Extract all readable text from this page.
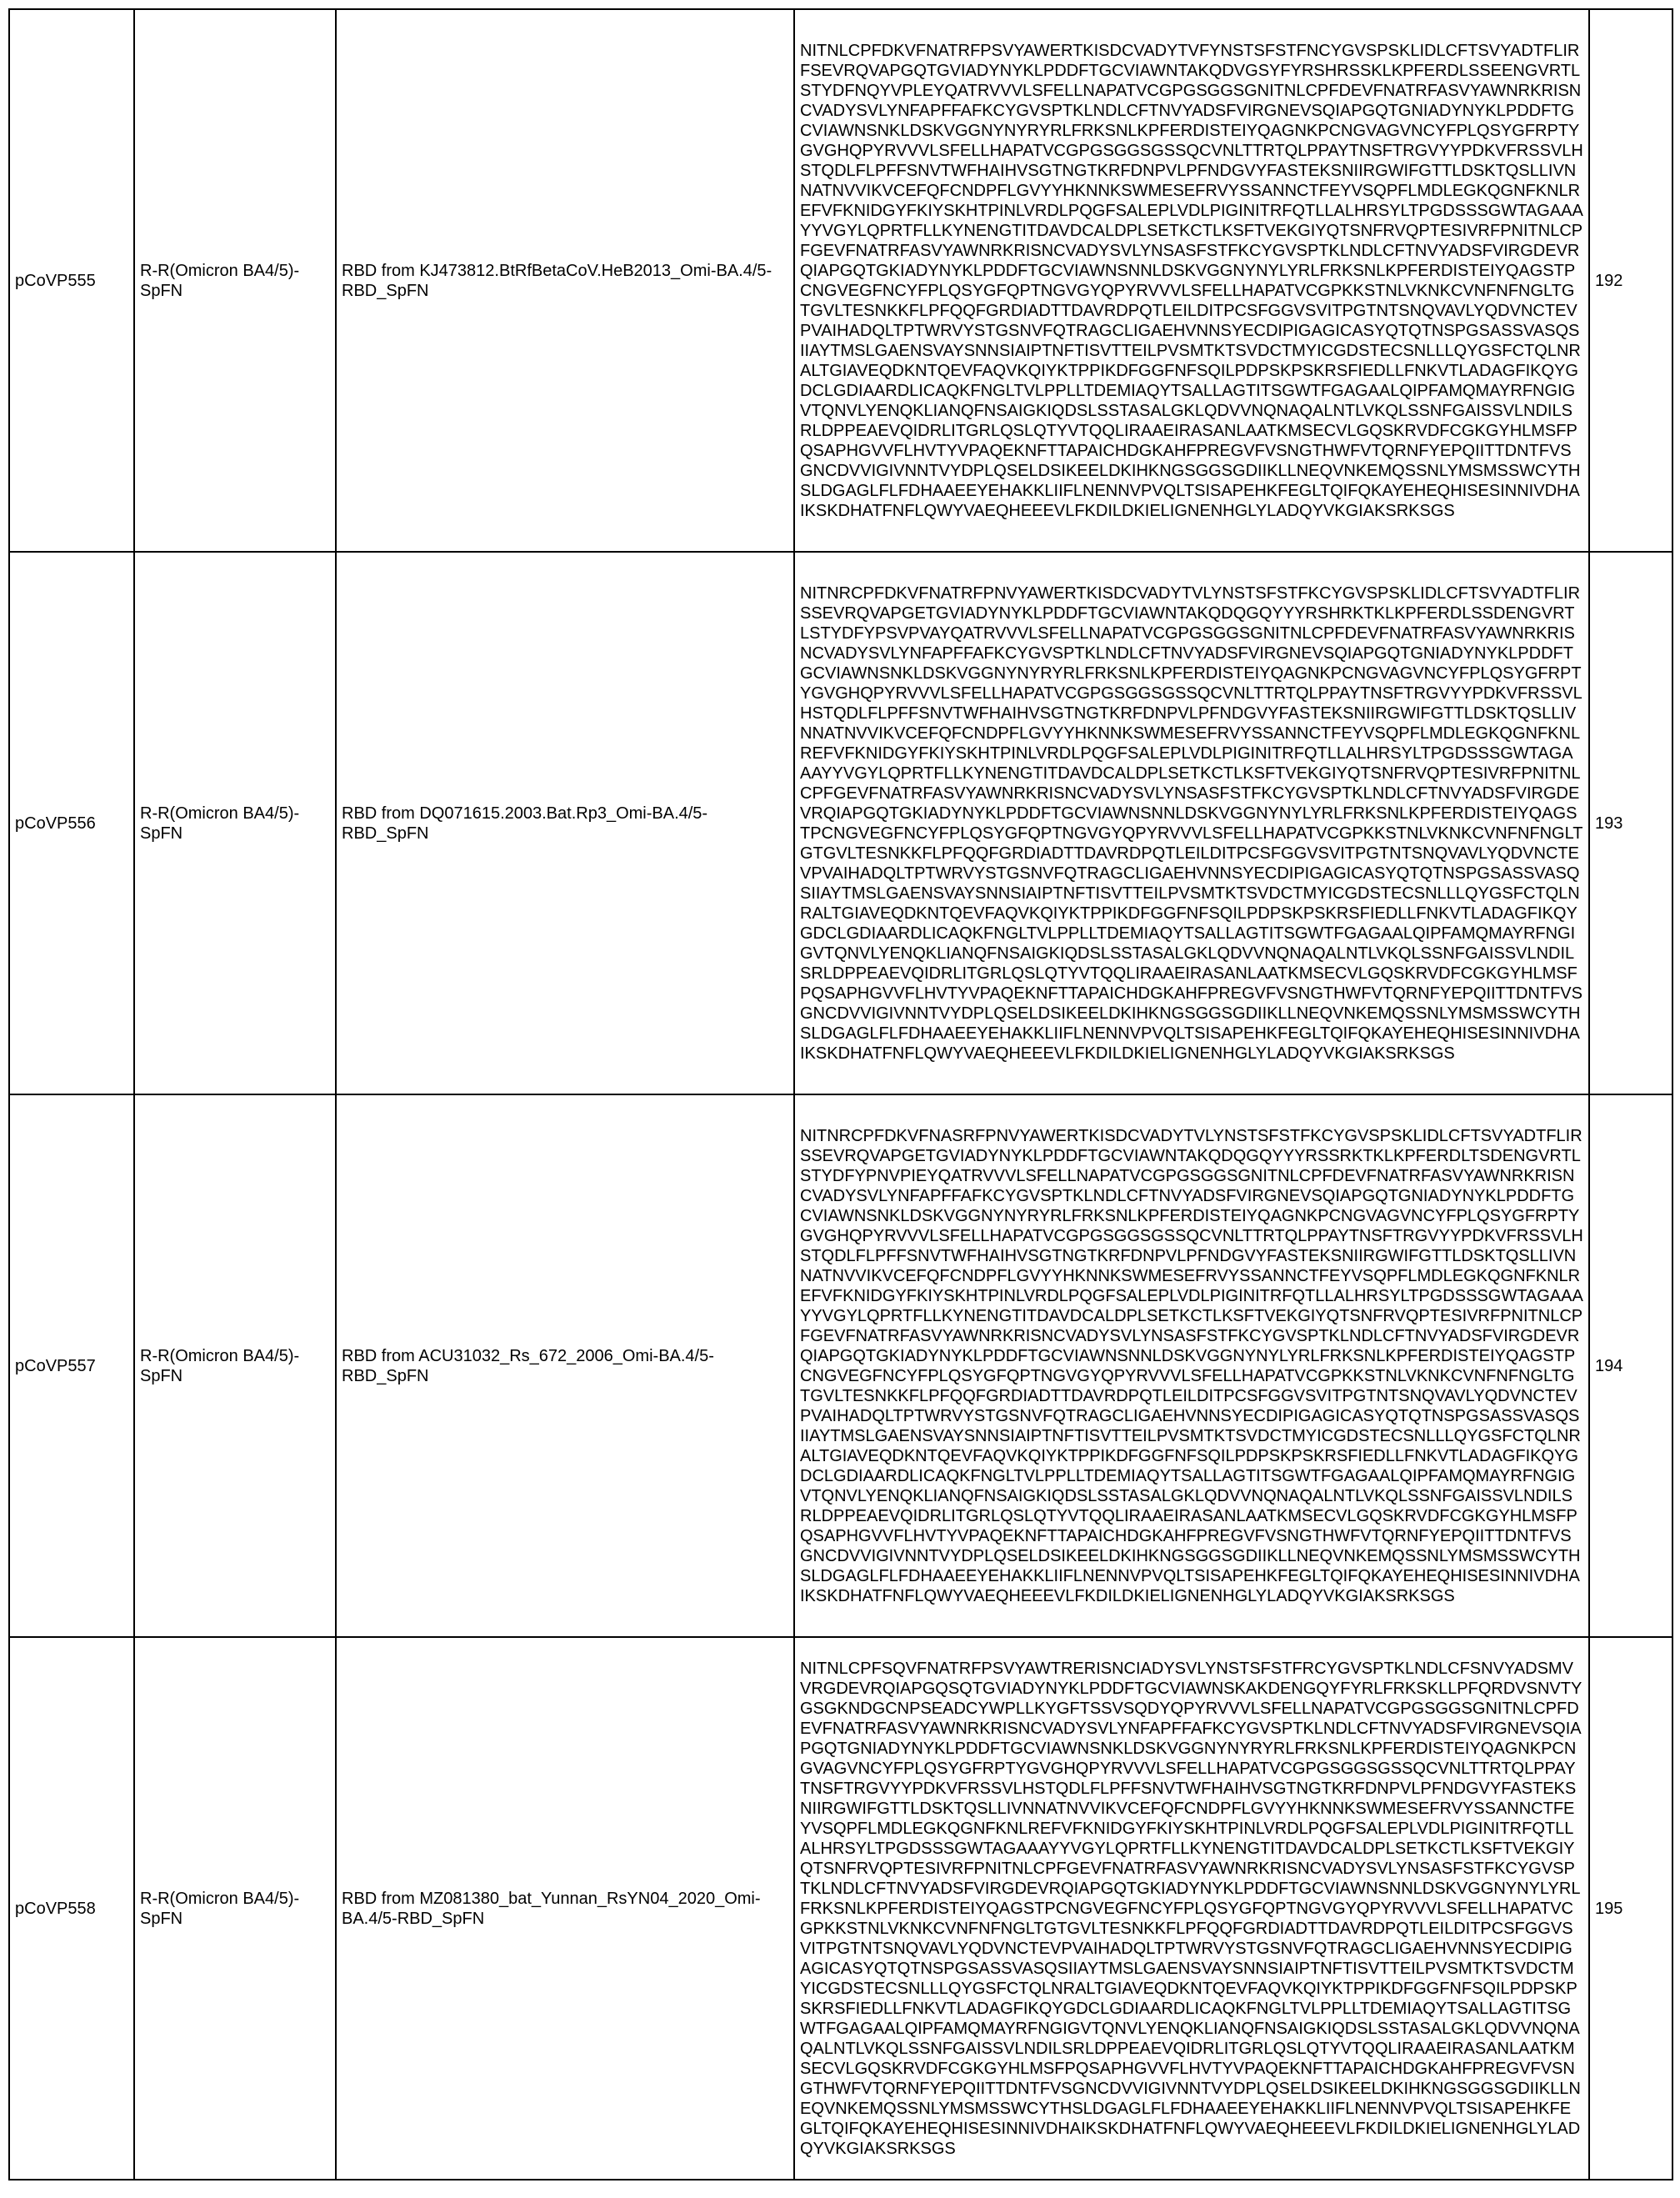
pCoVP555	R-R(Omicron BA4/5)-SpFN	RBD from KJ473812.BtRfBetaCoV.HeB2013_Omi-BA.4/5-RBD_SpFN	NITNLCPFDKVFNATRFPSVYAWERTKISDCVADYTVFYNSTSFSTFNCYGVSPSKLIDLCFTSVYADTFLIRFSEVRQVAPGQTGVIADYNYKLPDDFTGCVIAWNTAKQDVGSYFYRSHRSSKLKPFERDLSSEENGVRTLSTYDFNQYVPLEYQATRVVVLSFELLNAPATVCGPGSGGSGNITNLCPFDEVFNATRFASVYAWNRKRISNCVADYSVLYNFAPFFAFKCYGVSPTKLNDLCFTNVYADSFVIRGNEVSQIAPGQTGNIADYNYKLPDDFTGCVIAWNSNKLDSKVGGNYNYRYRLFRKSNLKPFERDISTEIYQAGNKPCNGVAGVNCYFPLQSYGFRPTYGVGHQPYRVVVLSFELLHAPATVCGPGSGGSGSSQCVNLTTRTQLPPAYTNSFTRGVYYPDKVFRSSVLHSTQDLFLPFFSNVTWFHAIHVSGTNGTKRFDNPVLPFNDGVYFASTEKSNIIRGWIFGTTLDSKTQSLLIVNNATNVVIKVCEFQFCNDPFLGVYYHKNNKSWMESEFRVYSSANNCTFEYVSQPFLMDLEGKQGNFKNLREFVFKNIDGYFKIYSKHTPINLVRDLPQGFSALEPLVDLPIGINITRFQTLLALHRSYLTPGDSSSGWTAGAAAYYVGYLQPRTFLLKYNENGTITDAVDCALDPLSETKCTLKSFTVEKGIYQTSNFRVQPTESIVRFPNITNLCPFGEVFNATRFASVYAWNRKRISNCVADYSVLYNSASFSTFKCYGVSPTKLNDLCFTNVYADSFVIRGDEVRQIAPGQTGKIADYNYKLPDDFTGCVIAWNSNNLDSKVGGNYNYLYRLFRKSNLKPFERDISTEIYQAGSTPCNGVEGFNCYFPLQSYGFQPTNGVGYQPYRVVVLSFELLHAPATVCGPKKSTNLVKNKCVNFNFNGLTGTGVLTESNKKFLPFQQFGRDIADTTDAVRDPQTLEILDITPCSFGGVSVITPGTNTSNQVAVLYQDVNCTEVPVAIHADQLTPTWRVYSTGSNVFQTRAGCLIGAEHVNNSYECDIPIGAGICASYQTQTNSPGSASSVASQSIIAYTMSLGAENSVAYSNNSIAIPTNFTISVTTEILPVSMTKTSVDCTMYICGDSTECSNLLLQYGSFCTQLNRALTGIAVEQDKNTQEVFAQVKQIYKTPPIKDFGGFNFSQILPDPSKPSKRSFIEDLLFNKVTLADAGFIKQYGDCLGDIAARDLICAQKFNGLTVLPPLLTDEMIAQYTSALLAGTITSGWTFGAGAALQIPFAMQMAYRFNGIGVTQNVLYENQKLIANQFNSAIGKIQDSLSSTASALGKLQDVVNQNAQALNTLVKQLSSNFGAISSVLNDILSRLDPPEAEVQIDRLITGRLQSLQTYVTQQLIRAAEIRASANLAATKMSECVLGQSKRVDFCGKGYHLMSFPQSAPHGVVFLHVTYVPAQEKNFTTAPAICHDGKAHFPREGVFVSNGTHWFVTQRNFYEPQIITTDNTFVSGNCDVVIGIVNNTVYDPLQSELDSIKEELDKIHKNGSGGSGDIIKLLNEQVNKEMQSSNLYMSMSSWCYTHSLDGAGLFLFDHAAEEYEHAKKLIIFLNENNVPVQLTSISAPEHKFEGLTQIFQKAYEHEQHISESINNIVDHAIKSKDHATFNFLQWYVAEQHEEEVLFKDILDKIELIGNENHGLYLADQYVKGIAKSRKSGS	192
pCoVP556	R-R(Omicron BA4/5)-SpFN	RBD from DQ071615.2003.Bat.Rp3_Omi-BA.4/5-RBD_SpFN	NITNRCPFDKVFNATRFPNVYAWERTKISDCVADYTVLYNSTSFSTFKCYGVSPSKLIDLCFTSVYADTFLIRSSEVRQVAPGETGVIADYNYKLPDDFTGCVIAWNTAKQDQGQYYYRSHRKTKLKPFERDLSSDENGVRTLSTYDFYPSVPVAYQATRVVVLSFELLNAPATVCGPGSGGSGNITNLCPFDEVFNATRFASVYAWNRKRISNCVADYSVLYNFAPFFAFKCYGVSPTKLNDLCFTNVYADSFVIRGNEVSQIAPGQTGNIADYNYKLPDDFTGCVIAWNSNKLDSKVGGNYNYRYRLFRKSNLKPFERDISTEIYQAGNKPCNGVAGVNCYFPLQSYGFRPTYGVGHQPYRVVVLSFELLHAPATVCGPGSGGSGSSQCVNLTTRTQLPPAYTNSFTRGVYYPDKVFRSSVLHSTQDLFLPFFSNVTWFHAIHVSGTNGTKRFDNPVLPFNDGVYFASTEKSNIIRGWIFGTTLDSKTQSLLIVNNATNVVIKVCEFQFCNDPFLGVYYHKNNKSWMESEFRVYSSANNCTFEYVSQPFLMDLEGKQGNFKNLREFVFKNIDGYFKIYSKHTPINLVRDLPQGFSALEPLVDLPIGINITRFQTLLALHRSYLTPGDSSSGWTAGAAAYYVGYLQPRTFLLKYNENGTITDAVDCALDPLSETKCTLKSFTVEKGIYQTSNFRVQPTESIVRFPNITNLCPFGEVFNATRFASVYAWNRKRISNCVADYSVLYNSASFSTFKCYGVSPTKLNDLCFTNVYADSFVIRGDEVRQIAPGQTGKIADYNYKLPDDFTGCVIAWNSNNLDSKVGGNYNYLYRLFRKSNLKPFERDISTEIYQAGSTPCNGVEGFNCYFPLQSYGFQPTNGVGYQPYRVVVLSFELLHAPATVCGPKKSTNLVKNKCVNFNFNGLTGTGVLTESNKKFLPFQQFGRDIADTTDAVRDPQTLEILDITPCSFGGVSVITPGTNTSNQVAVLYQDVNCTEVPVAIHADQLTPTWRVYSTGSNVFQTRAGCLIGAEHVNNSYECDIPIGAGICASYQTQTNSPGSASSVASQSIIAYTMSLGAENSVAYSNNSIAIPTNFTISVTTEILPVSMTKTSVDCTMYICGDSTECSNLLLQYGSFCTQLNRALTGIAVEQDKNTQEVFAQVKQIYKTPPIKDFGGFNFSQILPDPSKPSKRSFIEDLLFNKVTLADAGFIKQYGDCLGDIAARDLICAQKFNGLTVLPPLLTDEMIAQYTSALLAGTITSGWTFGAGAALQIPFAMQMAYRFNGIGVTQNVLYENQKLIANQFNSAIGKIQDSLSSTASALGKLQDVVNQNAQALNTLVKQLSSNFGAISSVLNDILSRLDPPEAEVQIDRLITGRLQSLQTYVTQQLIRAAEIRASANLAATKMSECVLGQSKRVDFCGKGYHLMSFPQSAPHGVVFLHVTYVPAQEKNFTTAPAICHDGKAHFPREGVFVSNGTHWFVTQRNFYEPQIITTDNTFVSGNCDVVIGIVNNTVYDPLQSELDSIKEELDKIHKNGSGGSGDIIKLLNEQVNKEMQSSNLYMSMSSWCYTHSLDGAGLFLFDHAAEEYEHAKKLIIFLNENNVPVQLTSISAPEHKFEGLTQIFQKAYEHEQHISESINNIVDHAIKSKDHATFNFLQWYVAEQHEEEVLFKDILDKIELIGNENHGLYLADQYVKGIAKSRKSGS	193
pCoVP557	R-R(Omicron BA4/5)-SpFN	RBD from ACU31032_Rs_672_2006_Omi-BA.4/5-RBD_SpFN	NITNRCPFDKVFNASRFPNVYAWERTKISDCVADYTVLYNSTSFSTFKCYGVSPSKLIDLCFTSVYADTFLIRSSEVRQVAPGETGVIADYNYKLPDDFTGCVIAWNTAKQDQGQYYYRSSRKTKLKPFERDLTSDENGVRTLSTYDFYPNVPIEYQATRVVVLSFELLNAPATVCGPGSGGSGNITNLCPFDEVFNATRFASVYAWNRKRISNCVADYSVLYNFAPFFAFKCYGVSPTKLNDLCFTNVYADSFVIRGNEVSQIAPGQTGNIADYNYKLPDDFTGCVIAWNSNKLDSKVGGNYNYRYRLFRKSNLKPFERDISTEIYQAGNKPCNGVAGVNCYFPLQSYGFRPTYGVGHQPYRVVVLSFELLHAPATVCGPGSGGSGSSQCVNLTTRTQLPPAYTNSFTRGVYYPDKVFRSSVLHSTQDLFLPFFSNVTWFHAIHVSGTNGTKRFDNPVLPFNDGVYFASTEKSNIIRGWIFGTTLDSKTQSLLIVNNATNVVIKVCEFQFCNDPFLGVYYHKNNKSWMESEFRVYSSANNCTFEYVSQPFLMDLEGKQGNFKNLREFVFKNIDGYFKIYSKHTPINLVRDLPQGFSALEPLVDLPIGINITRFQTLLALHRSYLTPGDSSSGWTAGAAAYYVGYLQPRTFLLKYNENGTITDAVDCALDPLSETKCTLKSFTVEKGIYQTSNFRVQPTESIVRFPNITNLCPFGEVFNATRFASVYAWNRKRISNCVADYSVLYNSASFSTFKCYGVSPTKLNDLCFTNVYADSFVIRGDEVRQIAPGQTGKIADYNYKLPDDFTGCVIAWNSNNLDSKVGGNYNYLYRLFRKSNLKPFERDISTEIYQAGSTPCNGVEGFNCYFPLQSYGFQPTNGVGYQPYRVVVLSFELLHAPATVCGPKKSTNLVKNKCVNFNFNGLTGTGVLTESNKKFLPFQQFGRDIADTTDAVRDPQTLEILDITPCSFGGVSVITPGTNTSNQVAVLYQDVNCTEVPVAIHADQLTPTWRVYSTGSNVFQTRAGCLIGAEHVNNSYECDIPIGAGICASYQTQTNSPGSASSVASQSIIAYTMSLGAENSVAYSNNSIAIPTNFTISVTTEILPVSMTKTSVDCTMYICGDSTECSNLLLQYGSFCTQLNRALTGIAVEQDKNTQEVFAQVKQIYKTPPIKDFGGFNFSQILPDPSKPSKRSFIEDLLFNKVTLADAGFIKQYGDCLGDIAARDLICAQKFNGLTVLPPLLTDEMIAQYTSALLAGTITSGWTFGAGAALQIPFAMQMAYRFNGIGVTQNVLYENQKLIANQFNSAIGKIQDSLSSTASALGKLQDVVNQNAQALNTLVKQLSSNFGAISSVLNDILSRLDPPEAEVQIDRLITGRLQSLQTYVTQQLIRAAEIRASANLAATKMSECVLGQSKRVDFCGKGYHLMSFPQSAPHGVVFLHVTYVPAQEKNFTTAPAICHDGKAHFPREGVFVSNGTHWFVTQRNFYEPQIITTDNTFVSGNCDVVIGIVNNTVYDPLQSELDSIKEELDKIHKNGSGGSGDIIKLLNEQVNKEMQSSNLYMSMSSWCYTHSLDGAGLFLFDHAAEEYEHAKKLIIFLNENNVPVQLTSISAPEHKFEGLTQIFQKAYEHEQHISESINNIVDHAIKSKDHATFNFLQWYVAEQHEEEVLFKDILDKIELIGNENHGLYLADQYVKGIAKSRKSGS	194
pCoVP558	R-R(Omicron BA4/5)-SpFN	RBD from MZ081380_bat_Yunnan_RsYN04_2020_Omi-BA.4/5-RBD_SpFN	NITNLCPFSQVFNATRFPSVYAWTRERISNCIADYSVLYNSTSFSTFRCYGVSPTKLNDLCFSNVYADSMVVRGDEVRQIAPGQSQTGVIADYNYKLPDDFTGCVIAWNSKAKDENGQYFYRLFRKSKLLPFQRDVSNVTYGSGKNDGCNPSEADCYWPLLKYGFTSSVSQDYQPYRVVVLSFELLNAPATVCGPGSGGSGNITNLCPFDEVFNATRFASVYAWNRKRISNCVADYSVLYNFAPFFAFKCYGVSPTKLNDLCFTNVYADSFVIRGNEVSQIAPGQTGNIADYNYKLPDDFTGCVIAWNSNKLDSKVGGNYNYRYRLFRKSNLKPFERDISTEIYQAGNKPCNGVAGVNCYFPLQSYGFRPTYGVGHQPYRVVVLSFELLHAPATVCGPGSGGSGSSQCVNLTTRTQLPPAYTNSFTRGVYYPDKVFRSSVLHSTQDLFLPFFSNVTWFHAIHVSGTNGTKRFDNPVLPFNDGVYFASTEKSNIIRGWIFGTTLDSKTQSLLIVNNATNVVIKVCEFQFCNDPFLGVYYHKNNKSWMESEFRVYSSANNCTFEYVSQPFLMDLEGKQGNFKNLREFVFKNIDGYFKIYSKHTPINLVRDLPQGFSALEPLVDLPIGINITRFQTLLALHRSYLTPGDSSSGWTAGAAAYYVGYLQPRTFLLKYNENGTITDAVDCALDPLSETKCTLKSFTVEKGIYQTSNFRVQPTESIVRFPNITNLCPFGEVFNATRFASVYAWNRKRISNCVADYSVLYNSASFSTFKCYGVSPTKLNDLCFTNVYADSFVIRGDEVRQIAPGQTGKIADYNYKLPDDFTGCVIAWNSNNLDSKVGGNYNYLYRLFRKSNLKPFERDISTEIYQAGSTPCNGVEGFNCYFPLQSYGFQPTNGVGYQPYRVVVLSFELLHAPATVCGPKKSTNLVKNKCVNFNFNGLTGTGVLTESNKKFLPFQQFGRDIADTTDAVRDPQTLEILDITPCSFGGVSVITPGTNTSNQVAVLYQDVNCTEVPVAIHADQLTPTWRVYSTGSNVFQTRAGCLIGAEHVNNSYECDIPIGAGICASYQTQTNSPGSASSVASQSIIAYTMSLGAENSVAYSNNSIAIPTNFTISVTTEILPVSMTKTSVDCTMYICGDSTECSNLLLQYGSFCTQLNRALTGIAVEQDKNTQEVFAQVKQIYKTPPIKDFGGFNFSQILPDPSKPSKRSFIEDLLFNKVTLADAGFIKQYGDCLGDIAARDLICAQKFNGLTVLPPLLTDEMIAQYTSALLAGTITSGWTFGAGAALQIPFAMQMAYRFNGIGVTQNVLYENQKLIANQFNSAIGKIQDSLSSTASALGKLQDVVNQNAQALNTLVKQLSSNFGAISSVLNDILSRLDPPEAEVQIDRLITGRLQSLQTYVTQQLIRAAEIRASANLAATKMSECVLGQSKRVDFCGKGYHLMSFPQSAPHGVVFLHVTYVPAQEKNFTTAPAICHDGKAHFPREGVFVSNGTHWFVTQRNFYEPQIITTDNTFVSGNCDVVIGIVNNTVYDPLQSELDSIKEELDKIHKNGSGGSGDIIKLLNEQVNKEMQSSNLYMSMSSWCYTHSLDGAGLFLFDHAAEEYEHAKKLIIFLNENNVPVQLTSISAPEHKFEGLTQIFQKAYEHEQHISESINNIVDHAIKSKDHATFNFLQWYVAEQHEEEVLFKDILDKIELIGNENHGLYLADQYVKGIAKSRKSGS	195
